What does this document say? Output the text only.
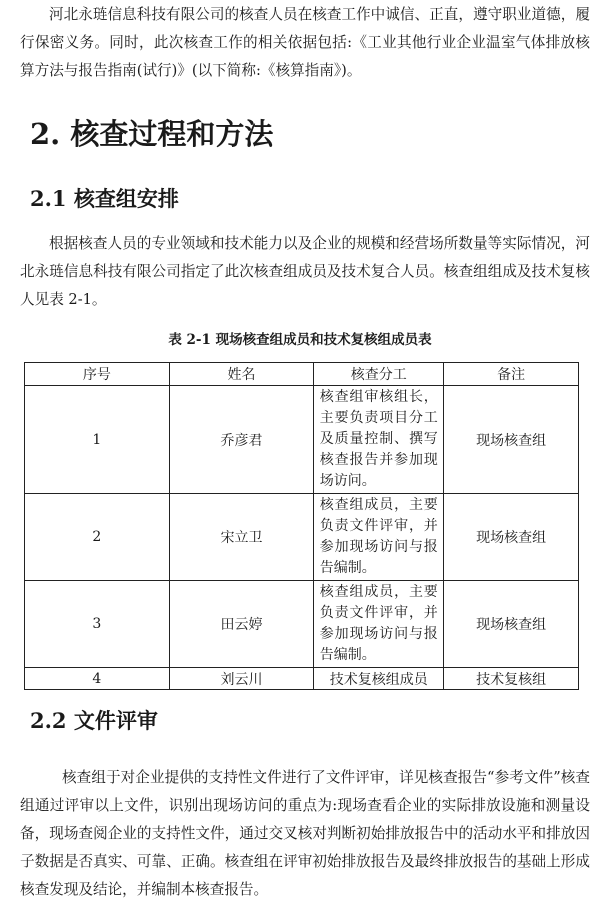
河北永琏信息科技有限公司的核查人员在核查工作中诚信、正直，遵守职业道德，履行保密义务。同时，此次核查工作的相关依据包括:《工业其他行业企业温室气体排放核算方法与报告指南(试行)》(以下简称:《核算指南》)。

2. 核查过程和方法
2.1 核查组安排

根据核查人员的专业领域和技术能力以及企业的规模和经营场所数量等实际情况，河北永琏信息科技有限公司指定了此次核查组成员及技术复合人员。核查组组成及技术复核人见表 2-1。

表 2-1 现场核查组成员和技术复核组成员表
序号	姓名	核查分工	备注
1	乔彦君	核查组审核组长，主要负责项目分工及质量控制、撰写核查报告并参加现场访问。	现场核查组
2	宋立卫	核查组成员，主要负责文件评审，并参加现场访问与报告编制。	现场核查组
3	田云婷	核查组成员，主要负责文件评审，并参加现场访问与报告编制。	现场核查组
4	刘云川	技术复核组成员	技术复核组
2.2 文件评审

核查组于对企业提供的支持性文件进行了文件评审，详见核查报告“参考文件”核查组通过评审以上文件，识别出现场访问的重点为:现场查看企业的实际排放设施和测量设备，现场查阅企业的支持性文件，通过交叉核对判断初始排放报告中的活动水平和排放因子数据是否真实、可靠、正确。核查组在评审初始排放报告及最终排放报告的基础上形成核查发现及结论，并编制本核查报告。
